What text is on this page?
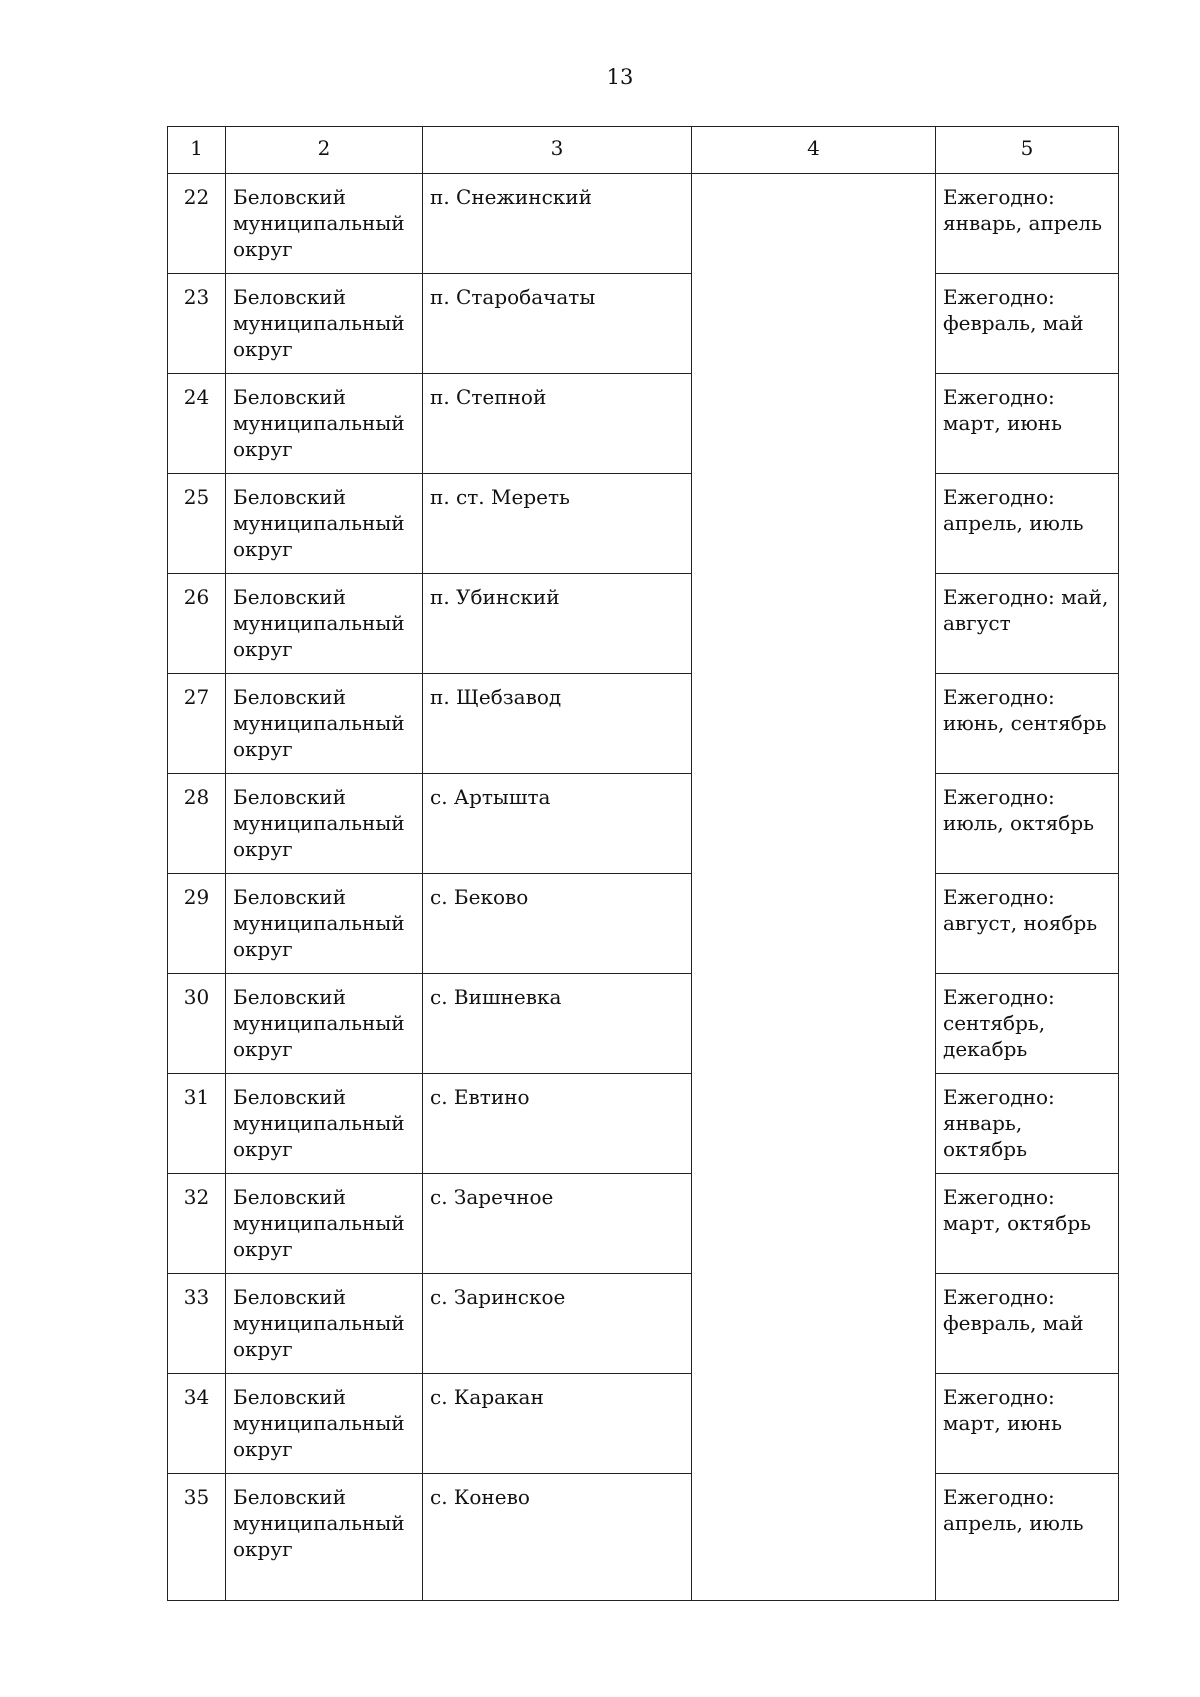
13
1	2	3	4	5

22	Беловский муниципальный округ	п. Снежинский		Ежегодно: январь, апрель

23	Беловский муниципальный округ	п. Старобачаты		Ежегодно: февраль, май

24	Беловский муниципальный округ	п. Степной		Ежегодно: март, июнь

25	Беловский муниципальный округ	п. ст. Мереть		Ежегодно: апрель, июль

26	Беловский муниципальный округ	п. Убинский		Ежегодно: май, август

27	Беловский муниципальный округ	п. Щебзавод		Ежегодно: июнь, сентябрь

28	Беловский муниципальный округ	с. Артышта		Ежегодно: июль, октябрь

29	Беловский муниципальный округ	с. Беково		Ежегодно: август, ноябрь

30	Беловский муниципальный округ	с. Вишневка		Ежегодно: сентябрь, декабрь

31	Беловский муниципальный округ	с. Евтино		Ежегодно: январь, октябрь

32	Беловский муниципальный округ	с. Заречное		Ежегодно: март, октябрь

33	Беловский муниципальный округ	с. Заринское		Ежегодно: февраль, май

34	Беловский муниципальный округ	с. Каракан		Ежегодно: март, июнь

35	Беловский муниципальный округ	с. Конево		Ежегодно: апрель, июль
